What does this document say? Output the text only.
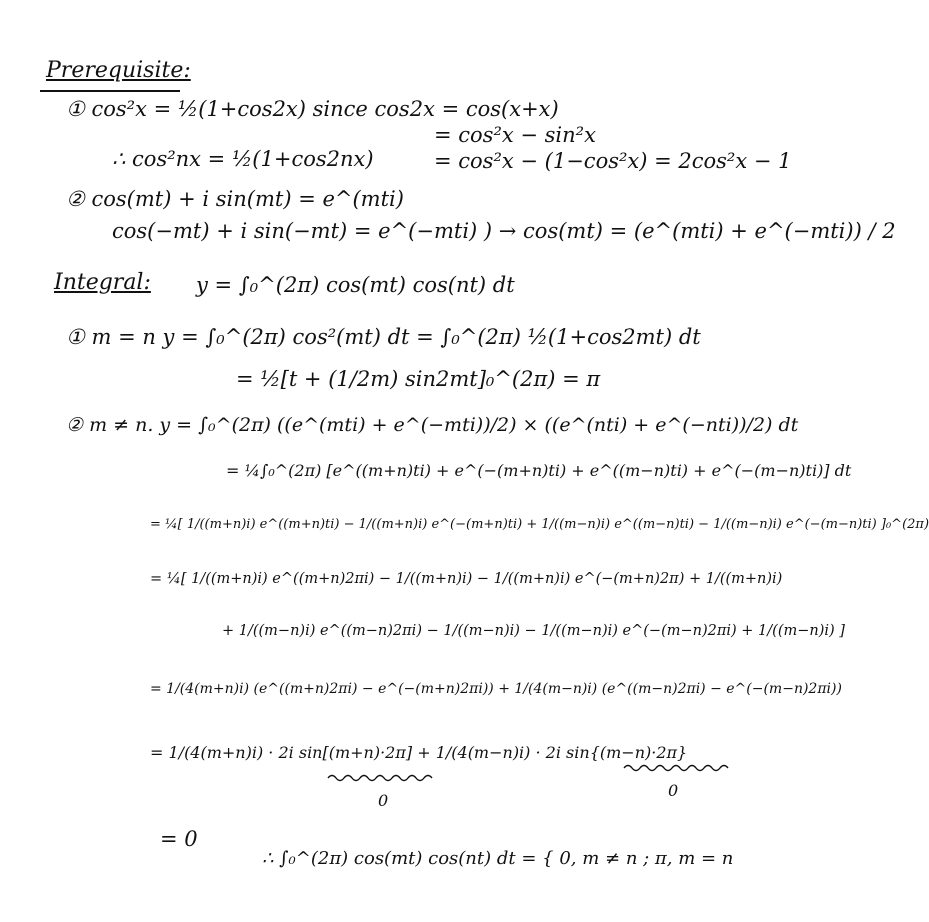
Prerequisite:
① cos²x = ½(1+cos2x) since cos2x = cos(x+x)
= cos²x − sin²x
∴ cos²nx = ½(1+cos2nx)	= cos²x − (1−cos²x) = 2cos²x − 1
② cos(mt) + i sin(mt) = e^(mti)
cos(−mt) + i sin(−mt) = e^(−mti) ) → cos(mt) = (e^(mti) + e^(−mti)) / 2
Integral: y = ∫₀^(2π) cos(mt) cos(nt) dt
① m = n y = ∫₀^(2π) cos²(mt) dt = ∫₀^(2π) ½(1+cos2mt) dt
= ½[t + (1/2m) sin2mt]₀^(2π) = π
② m ≠ n. y = ∫₀^(2π) ((e^(mti) + e^(−mti))/2) × ((e^(nti) + e^(−nti))/2) dt
= ¼∫₀^(2π) [e^((m+n)ti) + e^(−(m+n)ti) + e^((m−n)ti) + e^(−(m−n)ti)] dt
= ¼[ 1/((m+n)i) e^((m+n)ti) − 1/((m+n)i) e^(−(m+n)ti) + 1/((m−n)i) e^((m−n)ti) − 1/((m−n)i) e^(−(m−n)ti) ]₀^(2π)
= ¼[ 1/((m+n)i) e^((m+n)2πi) − 1/((m+n)i) − 1/((m+n)i) e^(−(m+n)2π) + 1/((m+n)i)
+ 1/((m−n)i) e^((m−n)2πi) − 1/((m−n)i) − 1/((m−n)i) e^(−(m−n)2πi) + 1/((m−n)i) ]
= 1/(4(m+n)i) (e^((m+n)2πi) − e^(−(m+n)2πi)) + 1/(4(m−n)i) (e^((m−n)2πi) − e^(−(m−n)2πi))
= 1/(4(m+n)i) · 2i sin[(m+n)·2π] + 1/(4(m−n)i) · 2i sin{(m−n)·2π}
0
0
= 0
∴ ∫₀^(2π) cos(mt) cos(nt) dt = { 0, m ≠ n ; π, m = n
